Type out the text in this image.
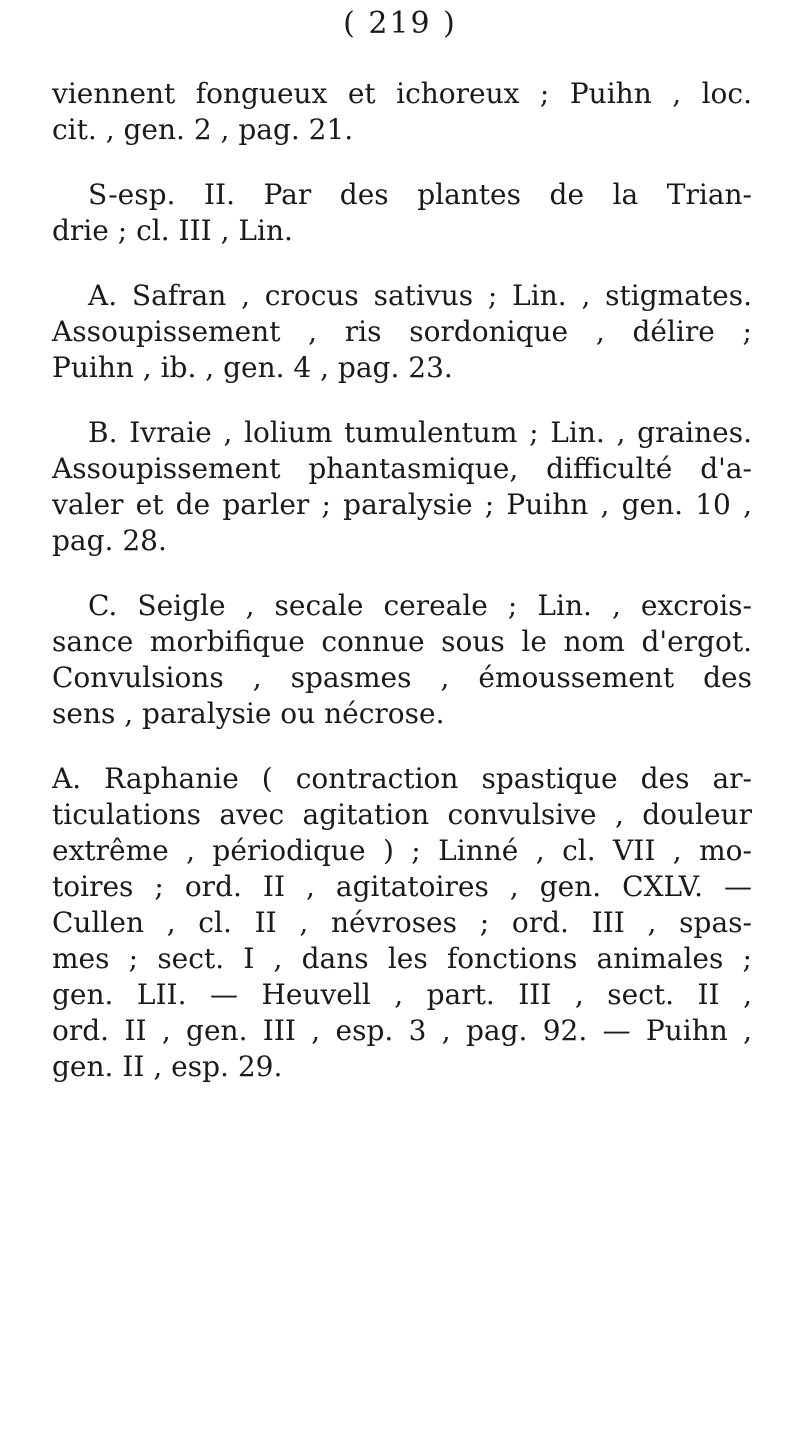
( 219 )

viennent fongueux et ichoreux ; Puihn , loc.
cit. , gen. 2 , pag. 21.

S-esp. II. Par des plantes de la Trian-
drie ; cl. III , Lin.

A. Safran , crocus sativus ; Lin. , stigmates.
Assoupissement , ris sordonique , délire ;
Puihn , ib. , gen. 4 , pag. 23.

B. Ivraie , lolium tumulentum ; Lin. , graines.
Assoupissement phantasmique, difficulté d'a-
valer et de parler ; paralysie ; Puihn , gen. 10 ,
pag. 28.

C. Seigle , secale cereale ; Lin. , excrois-
sance morbifique connue sous le nom d'ergot.
Convulsions , spasmes , émoussement des
sens , paralysie ou nécrose.

A. Raphanie ( contraction spastique des ar-
ticulations avec agitation convulsive , douleur
extrême , périodique ) ; Linné , cl. VII , mo-
toires ; ord. II , agitatoires , gen. CXLV. —
Cullen , cl. II , névroses ; ord. III , spas-
mes ; sect. I , dans les fonctions animales ;
gen. LII. — Heuvell , part. III , sect. II ,
ord. II , gen. III , esp. 3 , pag. 92. — Puihn ,
gen. II , esp. 29.
